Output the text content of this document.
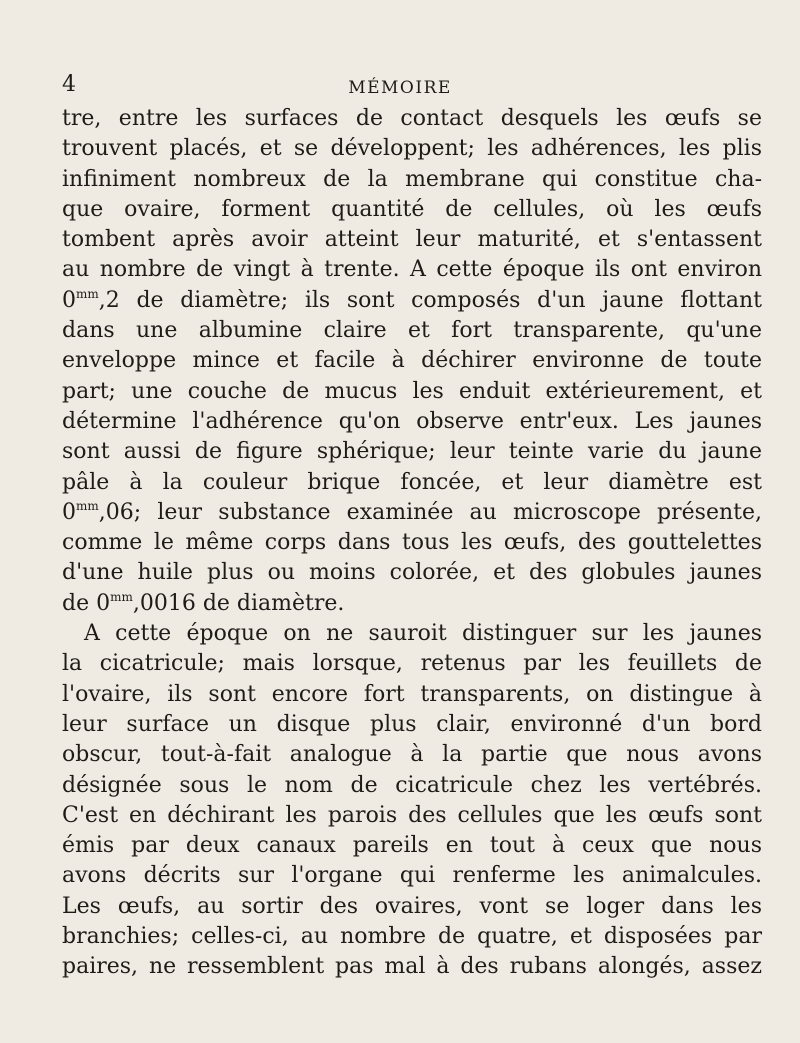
4	MÉMOIRE
tre, entre les surfaces de contact desquels les œufs se
trouvent placés, et se développent; les adhérences, les plis
infiniment nombreux de la membrane qui constitue cha-
que ovaire, forment quantité de cellules, où les œufs
tombent après avoir atteint leur maturité, et s'entassent
au nombre de vingt à trente. A cette époque ils ont environ
$0^{mm},2$ de diamètre; ils sont composés d'un jaune flottant
dans une albumine claire et fort transparente, qu'une
enveloppe mince et facile à déchirer environne de toute
part; une couche de mucus les enduit extérieurement, et
détermine l'adhérence qu'on observe entr'eux. Les jaunes
sont aussi de figure sphérique; leur teinte varie du jaune
pâle à la couleur brique foncée, et leur diamètre est
$0^{mm},06$; leur substance examinée au microscope présente,
comme le même corps dans tous les œufs, des gouttelettes
d'une huile plus ou moins colorée, et des globules jaunes
de $0^{mm},0016$ de diamètre.
A cette époque on ne sauroit distinguer sur les jaunes
la cicatricule; mais lorsque, retenus par les feuillets de
l'ovaire, ils sont encore fort transparents, on distingue à
leur surface un disque plus clair, environné d'un bord
obscur, tout-à-fait analogue à la partie que nous avons
désignée sous le nom de cicatricule chez les vertébrés.
C'est en déchirant les parois des cellules que les œufs sont
émis par deux canaux pareils en tout à ceux que nous
avons décrits sur l'organe qui renferme les animalcules.
Les œufs, au sortir des ovaires, vont se loger dans les
branchies; celles-ci, au nombre de quatre, et disposées par
paires, ne ressemblent pas mal à des rubans alongés, assez
